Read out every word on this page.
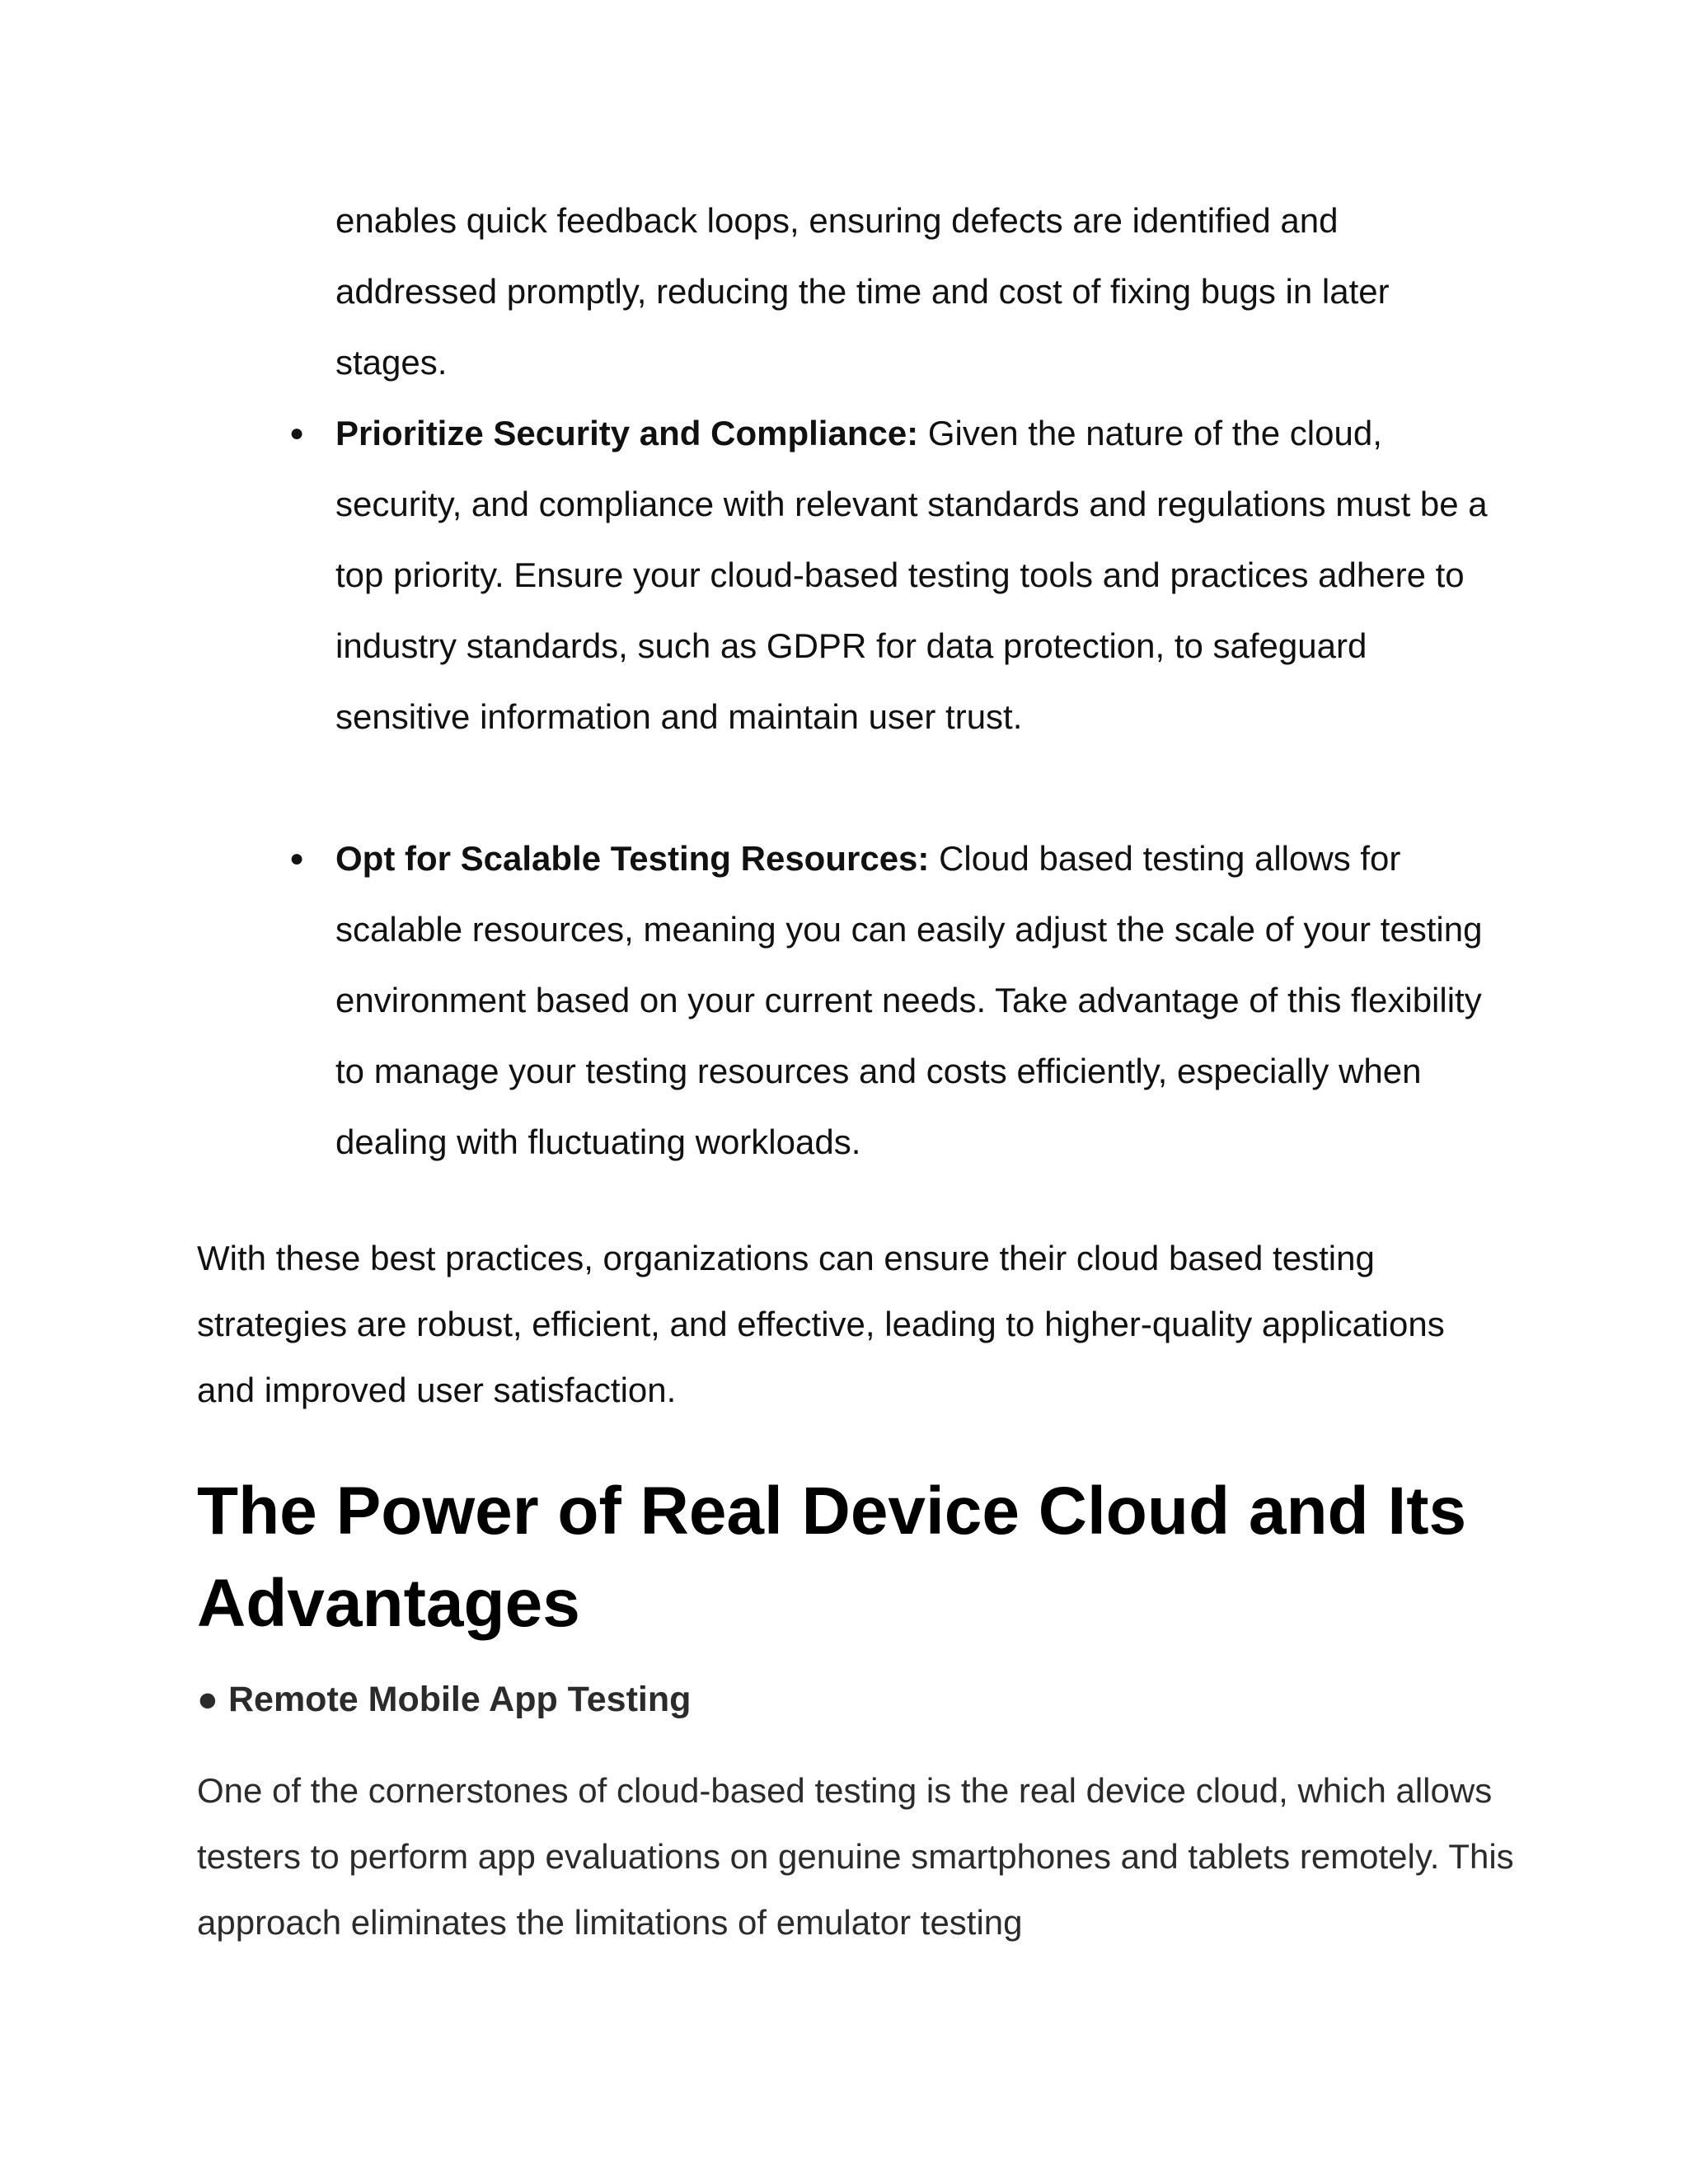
enables quick feedback loops, ensuring defects are identified and addressed promptly, reducing the time and cost of fixing bugs in later stages.

● Prioritize Security and Compliance: Given the nature of the cloud, security, and compliance with relevant standards and regulations must be a top priority. Ensure your cloud-based testing tools and practices adhere to industry standards, such as GDPR for data protection, to safeguard sensitive information and maintain user trust.
● Opt for Scalable Testing Resources: Cloud based testing allows for scalable resources, meaning you can easily adjust the scale of your testing environment based on your current needs. Take advantage of this flexibility to manage your testing resources and costs efficiently, especially when dealing with fluctuating workloads.

With these best practices, organizations can ensure their cloud based testing strategies are robust, efficient, and effective, leading to higher-quality applications and improved user satisfaction.

The Power of Real Device Cloud and Its Advantages
● Remote Mobile App Testing

One of the cornerstones of cloud-based testing is the real device cloud, which allows testers to perform app evaluations on genuine smartphones and tablets remotely. This approach eliminates the limitations of emulator testing
